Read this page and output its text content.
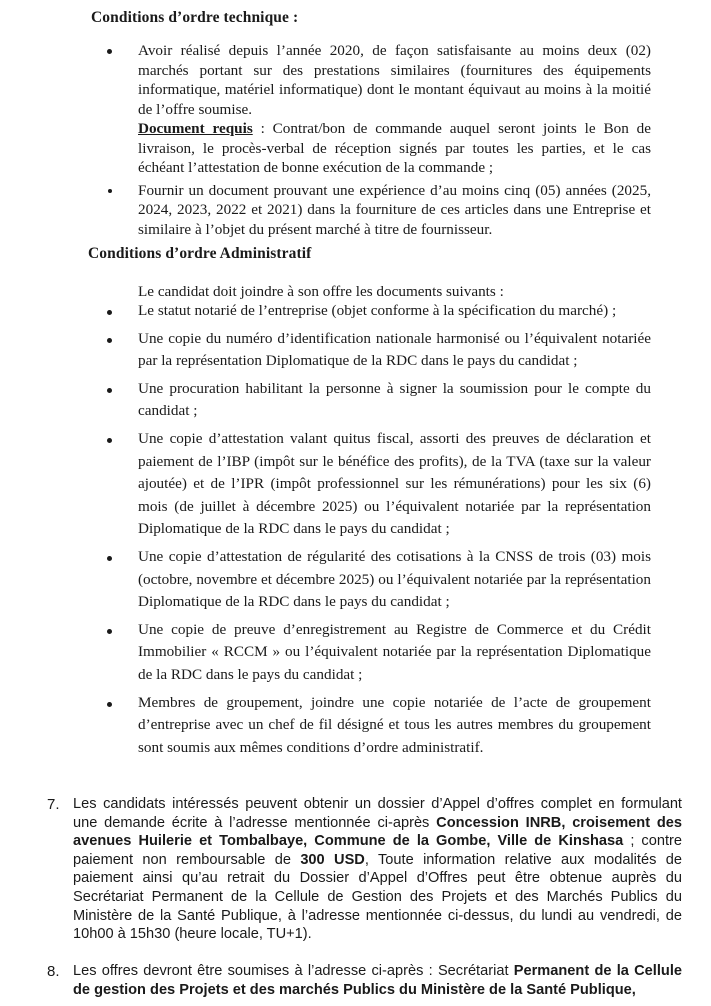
Conditions d’ordre technique :
Avoir réalisé depuis l’année 2020, de façon satisfaisante au moins deux (02) marchés portant sur des prestations similaires (fournitures des équipements informatique, matériel informatique) dont le montant équivaut au moins à la moitié de l’offre soumise.
Document requis : Contrat/bon de commande auquel seront joints le Bon de livraison, le procès-verbal de réception signés par toutes les parties, et le cas échéant l’attestation de bonne exécution de la commande ;
Fournir un document prouvant une expérience d’au moins cinq (05) années (2025, 2024, 2023, 2022 et 2021) dans la fourniture de ces articles dans une Entreprise et similaire à l’objet du présent marché à titre de fournisseur.
Conditions d’ordre Administratif
Le candidat doit joindre à son offre les documents suivants :
Le statut notarié de l’entreprise (objet conforme à la spécification du marché) ;
Une copie du numéro d’identification nationale harmonisé ou l’équivalent notariée par la représentation Diplomatique de la RDC dans le pays du candidat ;
Une procuration habilitant la personne à signer la soumission pour le compte du candidat ;
Une copie d’attestation valant quitus fiscal, assorti des preuves de déclaration et paiement de l’IBP (impôt sur le bénéfice des profits), de la TVA (taxe sur la valeur ajoutée) et de l’IPR (impôt professionnel sur les rémunérations) pour les six (6) mois (de juillet à décembre 2025) ou l’équivalent notariée par la représentation Diplomatique de la RDC dans le pays du candidat ;
Une copie d’attestation de régularité des cotisations à la CNSS de trois (03) mois (octobre, novembre et décembre 2025) ou l’équivalent notariée par la représentation Diplomatique de la RDC dans le pays du candidat ;
Une copie de preuve d’enregistrement au Registre de Commerce et du Crédit Immobilier « RCCM » ou l’équivalent notariée par la représentation Diplomatique de la RDC dans le pays du candidat ;
Membres de groupement, joindre une copie notariée de l’acte de groupement d’entreprise avec un chef de fil désigné et tous les autres membres du groupement sont soumis aux mêmes conditions d’ordre administratif.
7. Les candidats intéressés peuvent obtenir un dossier d’Appel d’offres complet en formulant une demande écrite à l’adresse mentionnée ci-après Concession INRB, croisement des avenues Huilerie et Tombalbaye, Commune de la Gombe, Ville de Kinshasa ; contre paiement non remboursable de 300 USD, Toute information relative aux modalités de paiement ainsi qu’au retrait du Dossier d’Appel d’Offres peut être obtenue auprès du Secrétariat Permanent de la Cellule de Gestion des Projets et des Marchés Publics du Ministère de la Santé Publique, à l’adresse mentionnée ci-dessus, du lundi au vendredi, de 10h00 à 15h30 (heure locale, TU+1).
8. Les offres devront être soumises à l’adresse ci-après : Secrétariat Permanent de la Cellule de gestion des Projets et des marchés Publics du Ministère de la Santé Publique,
